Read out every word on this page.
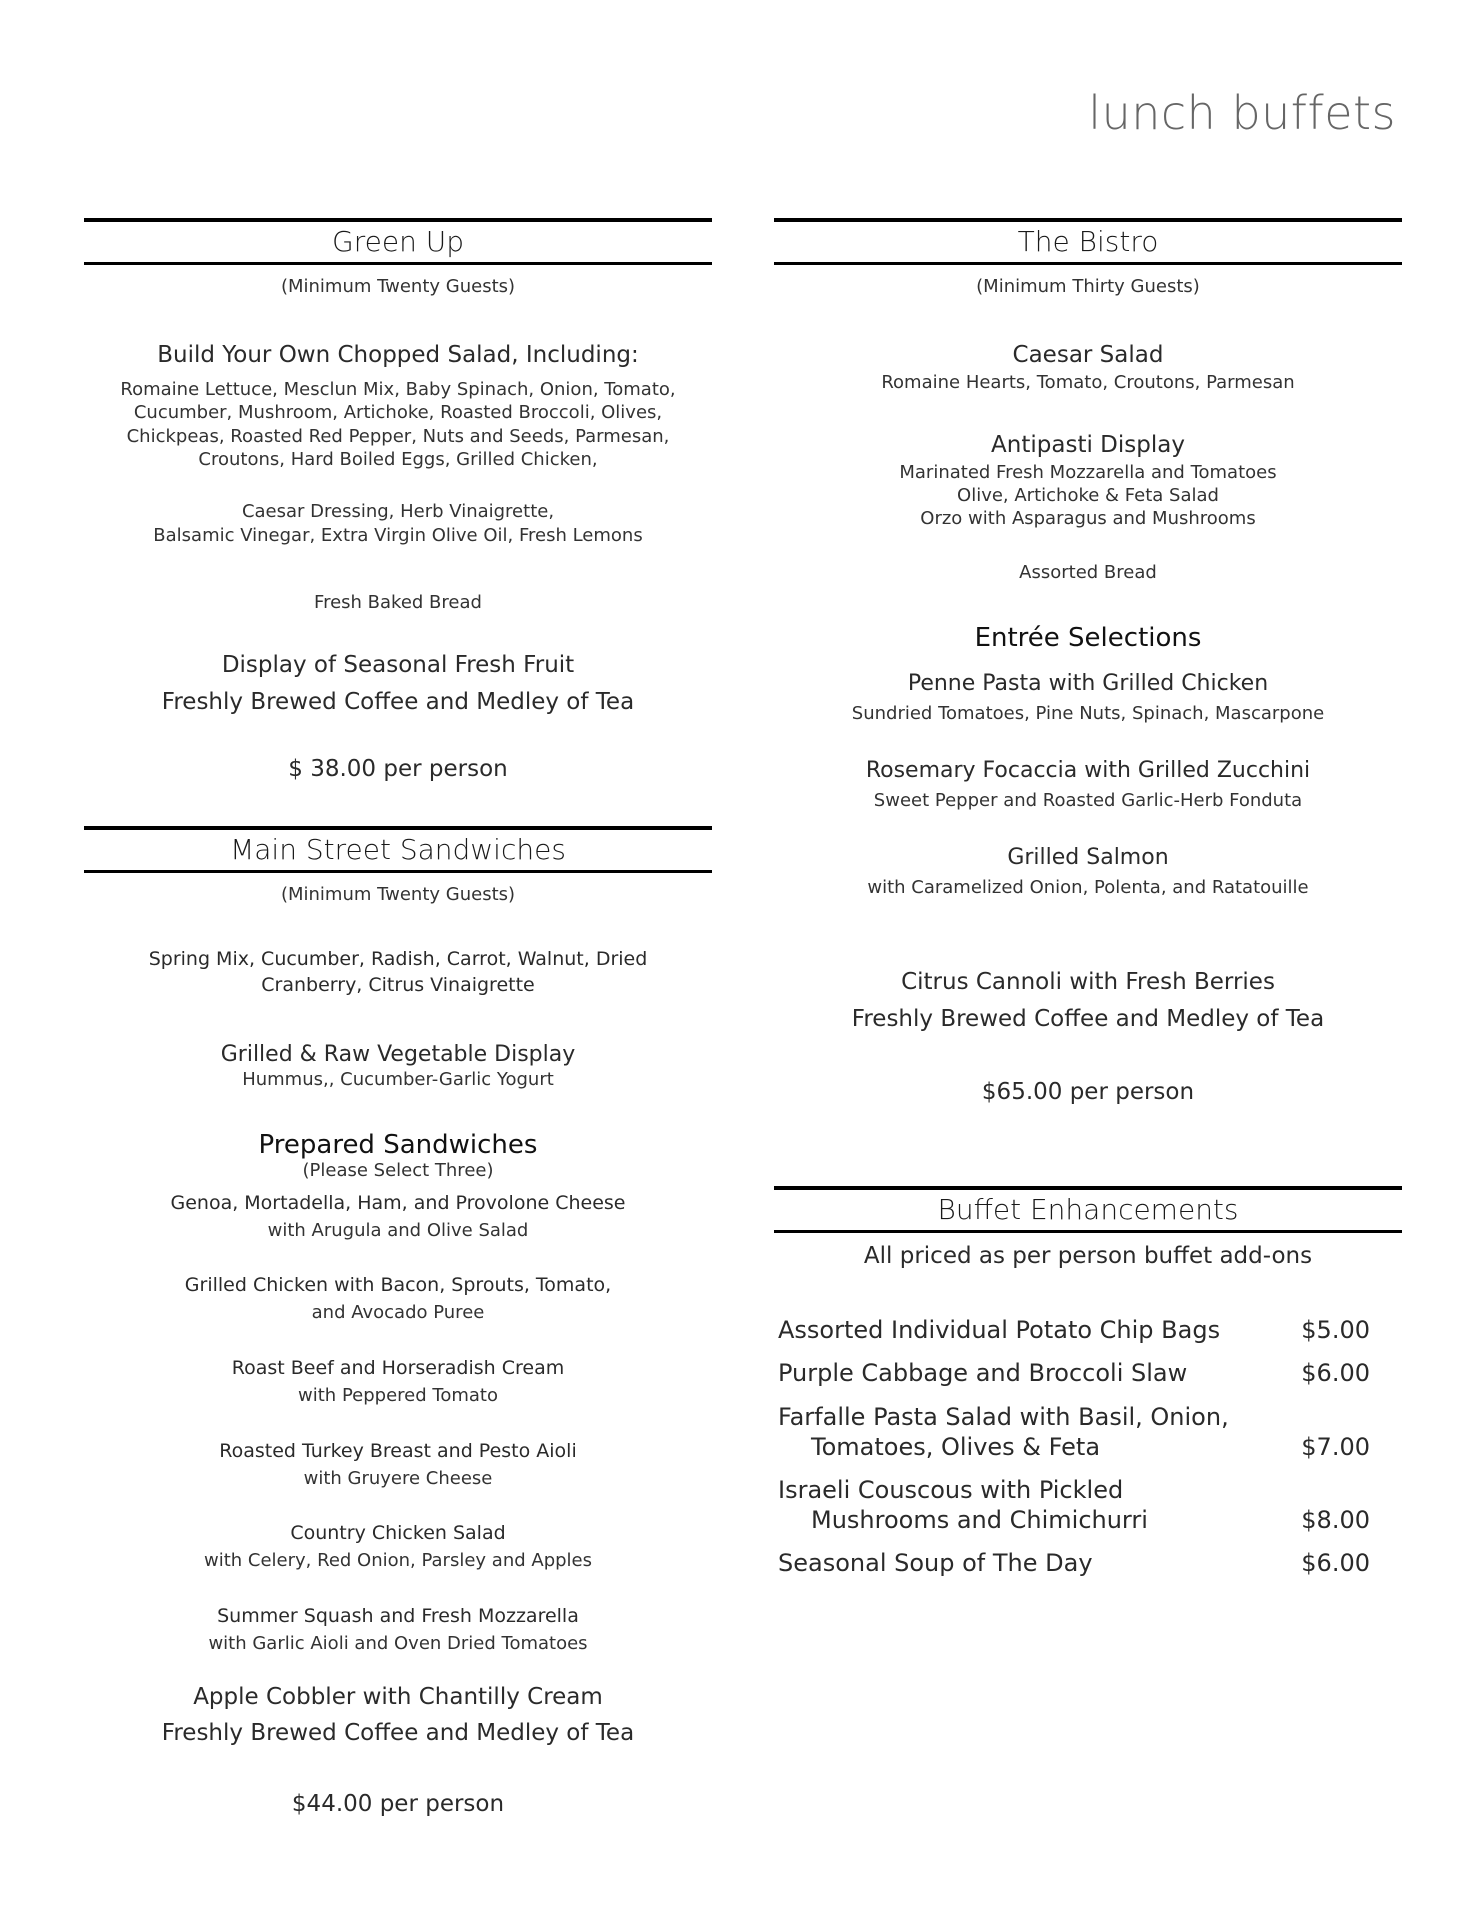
lunch buffets
Green Up
(Minimum Twenty Guests)
Build Your Own Chopped Salad, Including:
Romaine Lettuce, Mesclun Mix, Baby Spinach, Onion, Tomato,
Cucumber, Mushroom, Artichoke, Roasted Broccoli, Olives,
Chickpeas, Roasted Red Pepper, Nuts and Seeds, Parmesan,
Croutons, Hard Boiled Eggs, Grilled Chicken,
Caesar Dressing, Herb Vinaigrette,
Balsamic Vinegar, Extra Virgin Olive Oil, Fresh Lemons
Fresh Baked Bread
Display of Seasonal Fresh Fruit
Freshly Brewed Coffee and Medley of Tea
$ 38.00 per person
Main Street Sandwiches
(Minimum Twenty Guests)
Spring Mix, Cucumber, Radish, Carrot, Walnut, Dried
Cranberry, Citrus Vinaigrette
Grilled & Raw Vegetable Display
Hummus,, Cucumber-Garlic Yogurt
Prepared Sandwiches
(Please Select Three)
Genoa, Mortadella, Ham, and Provolone Cheese
with Arugula and Olive Salad
Grilled Chicken with Bacon, Sprouts, Tomato,
and Avocado Puree
Roast Beef and Horseradish Cream
with Peppered Tomato
Roasted Turkey Breast and Pesto Aioli
with Gruyere Cheese
Country Chicken Salad
with Celery, Red Onion, Parsley and Apples
Summer Squash and Fresh Mozzarella
with Garlic Aioli and Oven Dried Tomatoes
Apple Cobbler with Chantilly Cream
Freshly Brewed Coffee and Medley of Tea
$44.00 per person
The Bistro
(Minimum Thirty Guests)
Caesar Salad
Romaine Hearts, Tomato, Croutons, Parmesan
Antipasti Display
Marinated Fresh Mozzarella and Tomatoes
Olive, Artichoke & Feta Salad
Orzo with Asparagus and Mushrooms
Assorted Bread
Entrée Selections
Penne Pasta with Grilled Chicken
Sundried Tomatoes, Pine Nuts, Spinach, Mascarpone
Rosemary Focaccia with Grilled Zucchini
Sweet Pepper and Roasted Garlic-Herb Fonduta
Grilled Salmon
with Caramelized Onion, Polenta, and Ratatouille
Citrus Cannoli with Fresh Berries
Freshly Brewed Coffee and Medley of Tea
$65.00 per person
Buffet Enhancements
All priced as per person buffet add-ons
Assorted Individual Potato Chip Bags	$5.00
Purple Cabbage and Broccoli Slaw	$6.00
Farfalle Pasta Salad with Basil, Onion,
Tomatoes, Olives & Feta	$7.00
Israeli Couscous with Pickled
Mushrooms and Chimichurri	$8.00
Seasonal Soup of The Day	$6.00
